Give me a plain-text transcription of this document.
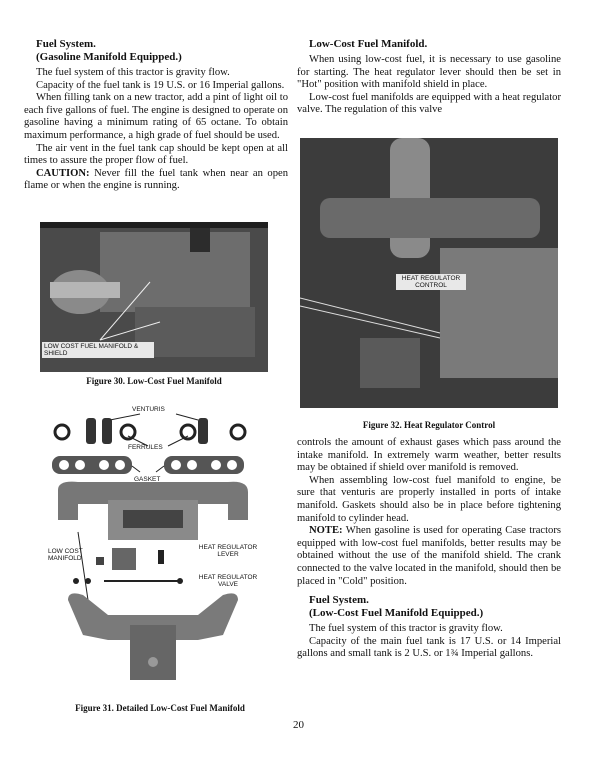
Fuel System.

(Gasoline Manifold Equipped.)

The fuel system of this tractor is gravity flow.

Capacity of the fuel tank is 19 U.S. or 16 Imperial gallons.

When filling tank on a new tractor, add a pint of light oil to each five gallons of fuel. The engine is designed to operate on gasoline having a minimum rating of 65 octane. To obtain maximum performance, a high grade of fuel should be used.

The air vent in the fuel tank cap should be kept open at all times to assure the proper flow of fuel.

CAUTION: Never fill the fuel tank when near an open flame or when the engine is running.

LOW COST FUEL MANIFOLD & SHIELD
Figure 30. Low-Cost Fuel Manifold
VENTURIS
FERRULES
GASKET
LOW COST MANIFOLD
HEAT REGULATOR LEVER
HEAT REGULATOR VALVE
Figure 31. Detailed Low-Cost Fuel Manifold

Low-Cost Fuel Manifold.

When using low-cost fuel, it is necessary to use gasoline for starting. The heat regulator lever should then be set in "Hot" position with manifold shield in place.

Low-cost fuel manifolds are equipped with a heat regulator valve. The regulation of this valve

HEAT REGULATOR CONTROL
Figure 32. Heat Regulator Control

controls the amount of exhaust gases which pass around the intake manifold. In extremely warm weather, better results may be obtained if shield over manifold is removed.

When assembling low-cost fuel manifold to engine, be sure that venturis are properly installed in ports of intake manifold. Gaskets should also be in place before tightening manifold to cylinder head.

NOTE: When gasoline is used for operating Case tractors equipped with low-cost fuel manifolds, better results may be obtained without the use of the manifold shield. The crank connected to the valve located in the manifold, should then be placed in "Cold" position.

Fuel System.

(Low-Cost Fuel Manifold Equipped.)

The fuel system of this tractor is gravity flow.

Capacity of the main fuel tank is 17 U.S. or 14 Imperial gallons and small tank is 2 U.S. or 1¾ Imperial gallons.

20
